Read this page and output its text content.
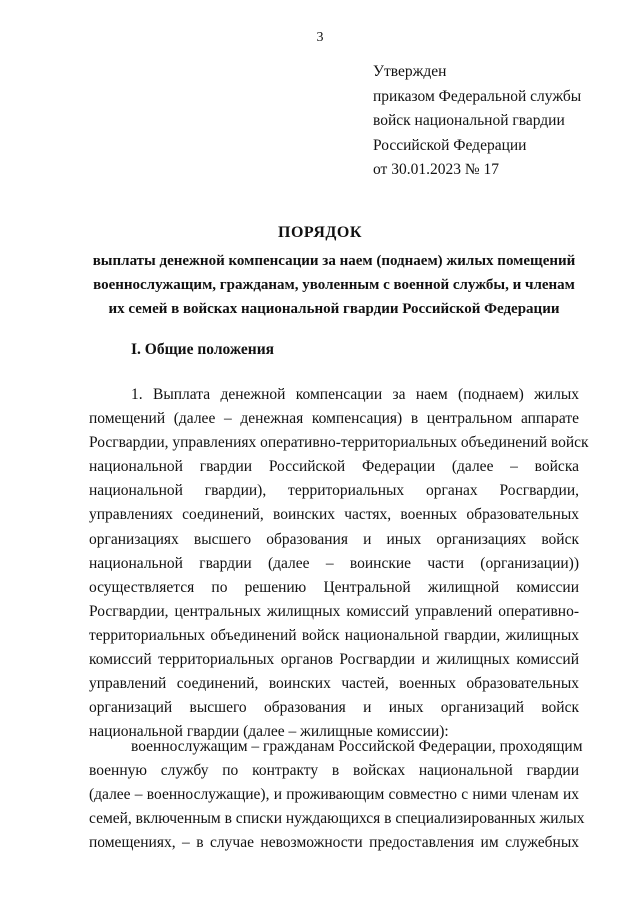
3
Утвержден
приказом Федеральной службы
войск национальной гвардии
Российской Федерации
от 30.01.2023 № 17
ПОРЯДОК
выплаты денежной компенсации за наем (поднаем) жилых помещений
военнослужащим, гражданам, уволенным с военной службы, и членам
их семей в войсках национальной гвардии Российской Федерации
I. Общие положения
1. Выплата денежной компенсации за наем (поднаем) жилых
помещений (далее – денежная компенсация) в центральном аппарате
Росгвардии, управлениях оперативно-территориальных объединений войск
национальной гвардии Российской Федерации (далее – войска
национальной гвардии), территориальных органах Росгвардии,
управлениях соединений, воинских частях, военных образовательных
организациях высшего образования и иных организациях войск
национальной гвардии (далее – воинские части (организации))
осуществляется по решению Центральной жилищной комиссии
Росгвардии, центральных жилищных комиссий управлений оперативно-
территориальных объединений войск национальной гвардии, жилищных
комиссий территориальных органов Росгвардии и жилищных комиссий
управлений соединений, воинских частей, военных образовательных
организаций высшего образования и иных организаций войск
национальной гвардии (далее – жилищные комиссии):
военнослужащим – гражданам Российской Федерации, проходящим
военную службу по контракту в войсках национальной гвардии
(далее – военнослужащие), и проживающим совместно с ними членам их
семей, включенным в списки нуждающихся в специализированных жилых
помещениях, – в случае невозможности предоставления им служебных
